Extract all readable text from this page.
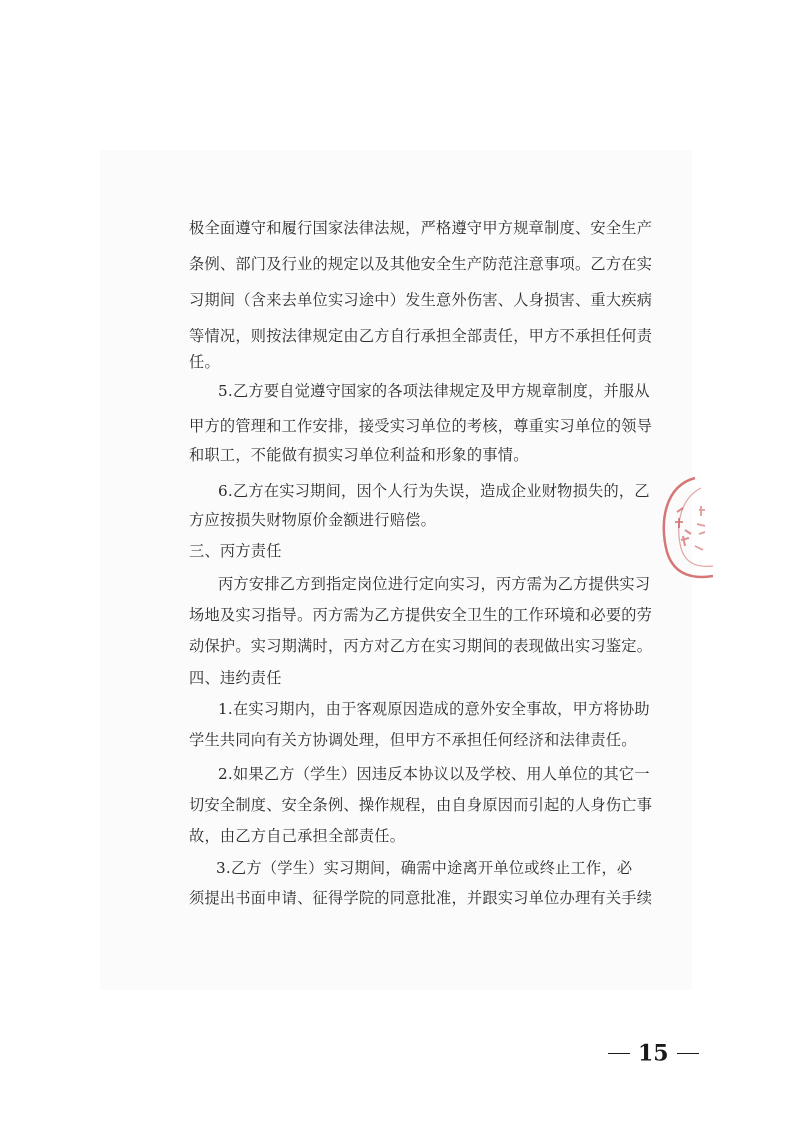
极全面遵守和履行国家法律法规，严格遵守甲方规章制度、安全生产
条例、部门及行业的规定以及其他安全生产防范注意事项。乙方在实
习期间（含来去单位实习途中）发生意外伤害、人身损害、重大疾病
等情况，则按法律规定由乙方自行承担全部责任，甲方不承担任何责
任。
5.乙方要自觉遵守国家的各项法律规定及甲方规章制度，并服从
甲方的管理和工作安排，接受实习单位的考核，尊重实习单位的领导
和职工，不能做有损实习单位利益和形象的事情。
6.乙方在实习期间，因个人行为失误，造成企业财物损失的，乙
方应按损失财物原价金额进行赔偿。
三、丙方责任
丙方安排乙方到指定岗位进行定向实习，丙方需为乙方提供实习
场地及实习指导。丙方需为乙方提供安全卫生的工作环境和必要的劳
动保护。实习期满时，丙方对乙方在实习期间的表现做出实习鉴定。
四、违约责任
1.在实习期内，由于客观原因造成的意外安全事故，甲方将协助
学生共同向有关方协调处理，但甲方不承担任何经济和法律责任。
2.如果乙方（学生）因违反本协议以及学校、用人单位的其它一
切安全制度、安全条例、操作规程，由自身原因而引起的人身伤亡事
故，由乙方自己承担全部责任。
3.乙方（学生）实习期间，确需中途离开单位或终止工作，必
须提出书面申请、征得学院的同意批准，并跟实习单位办理有关手续
15
